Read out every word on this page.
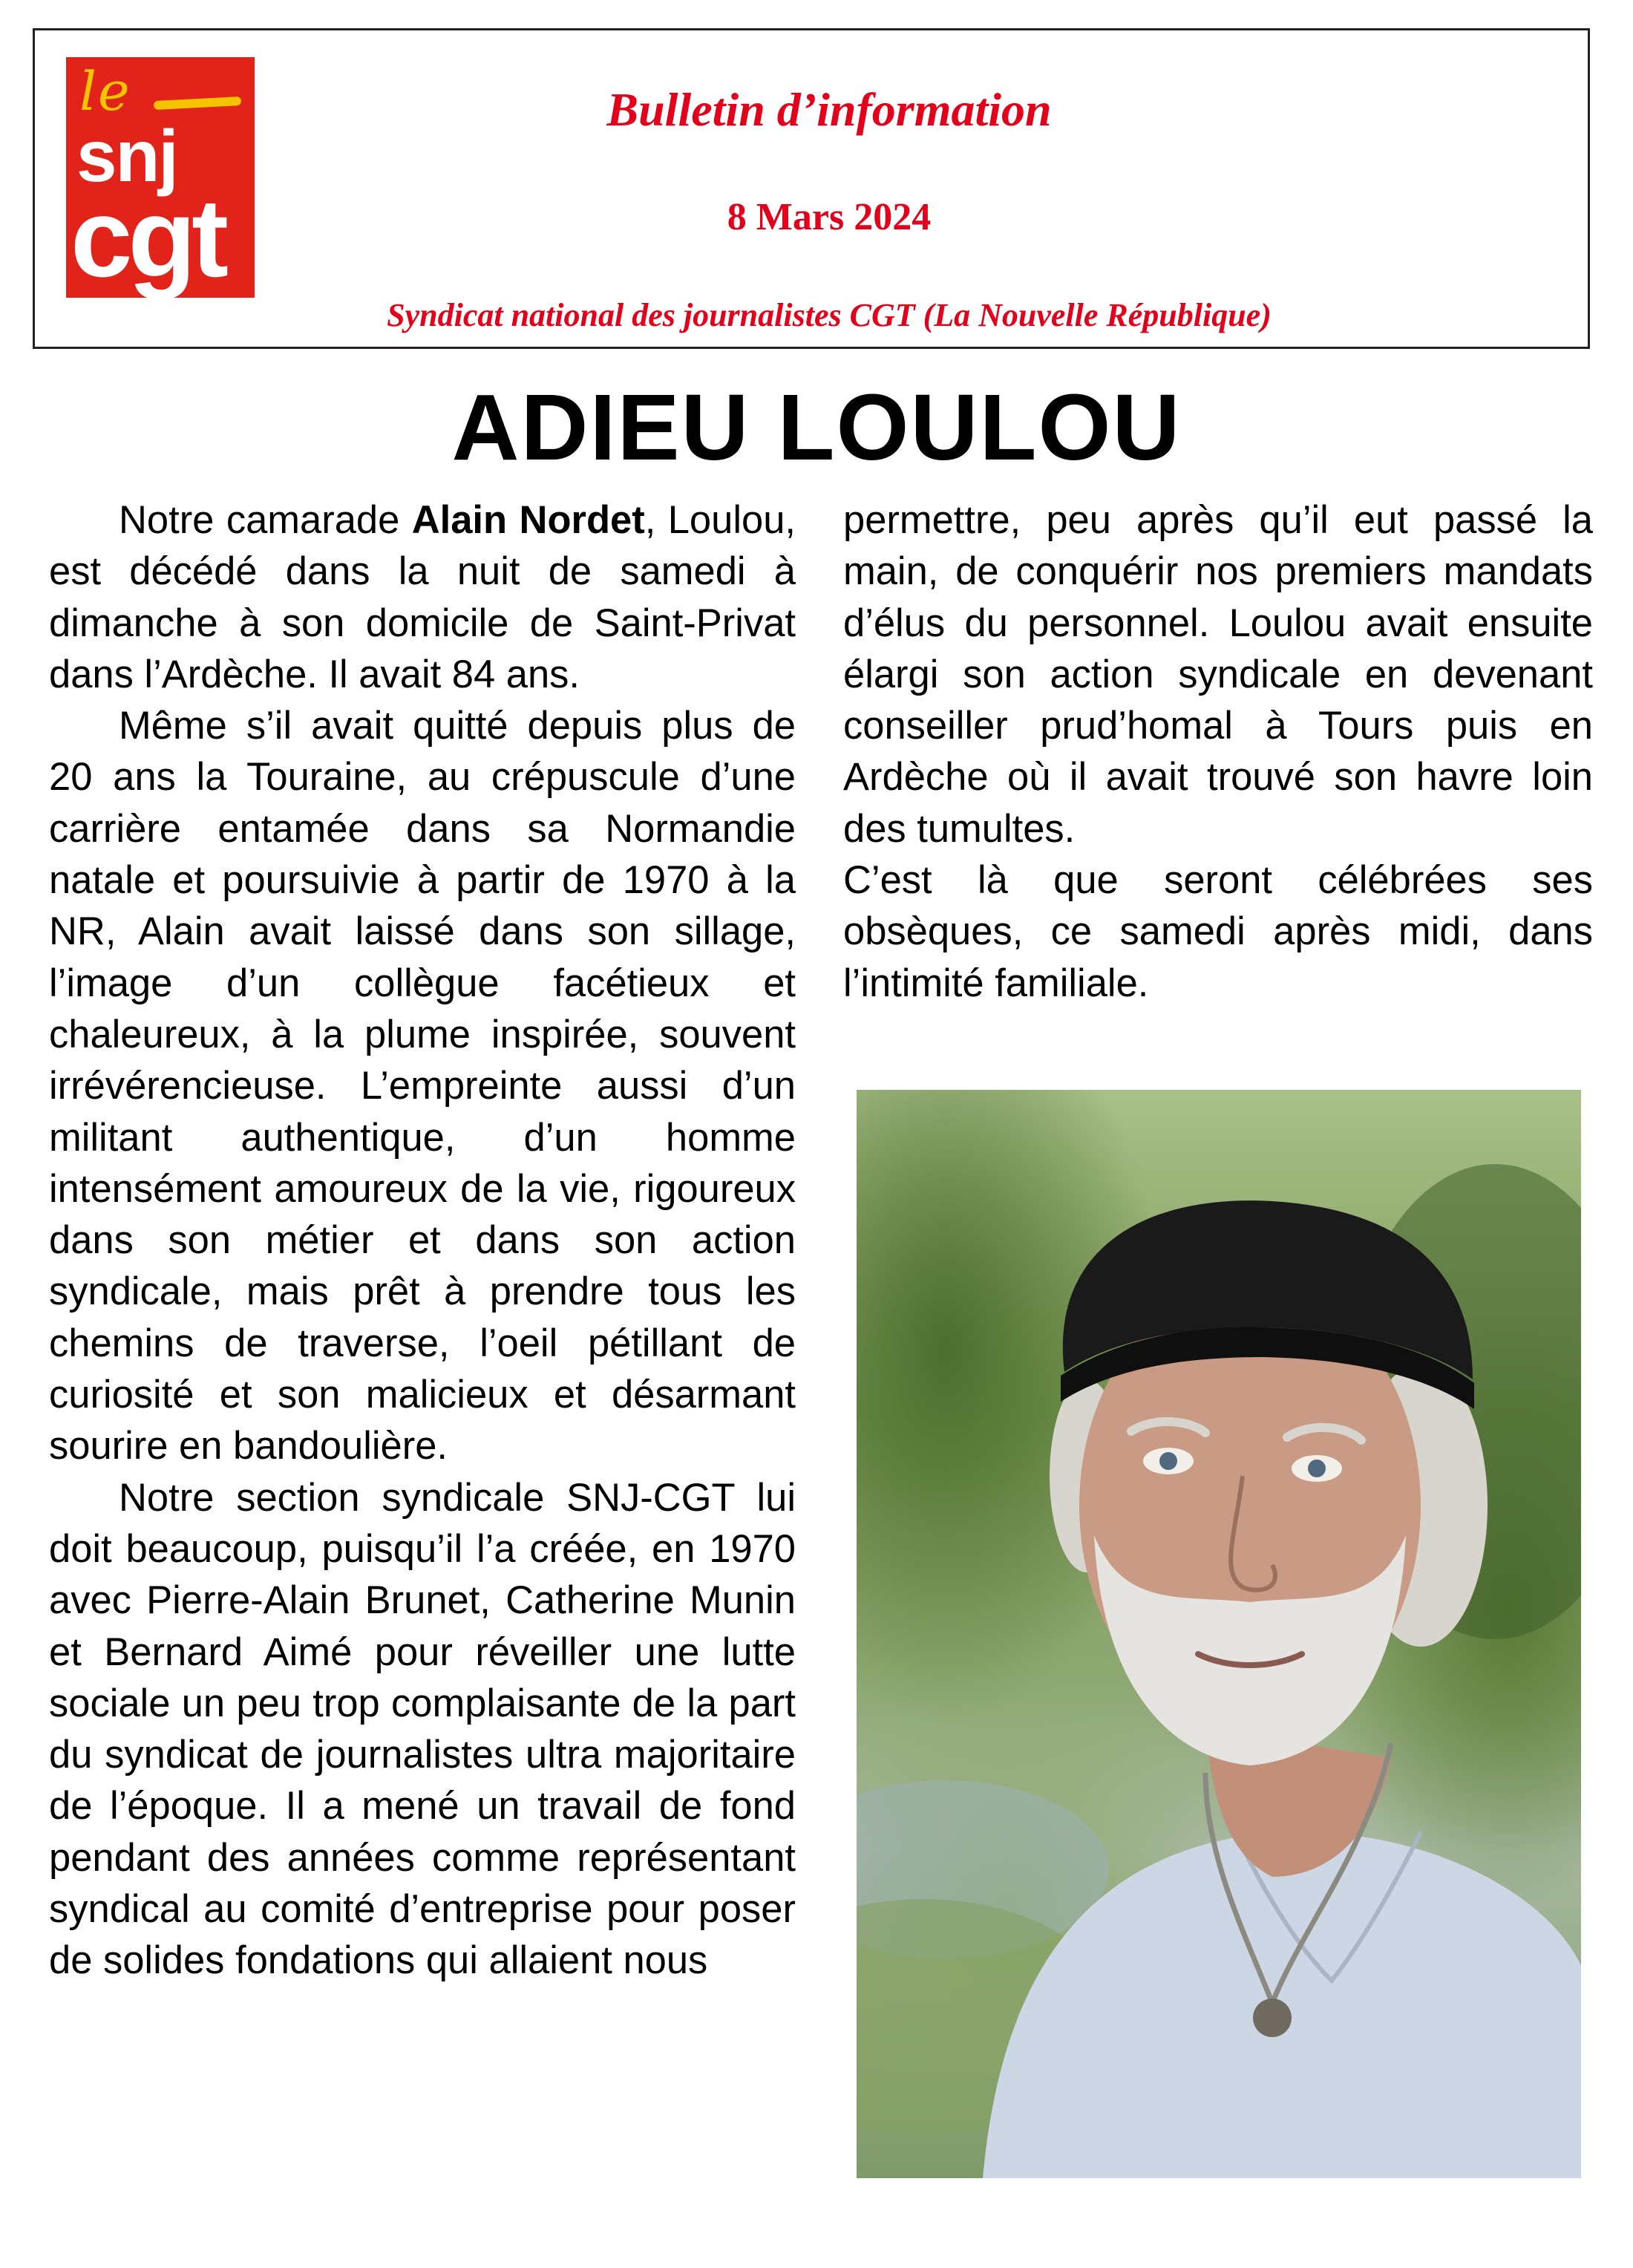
le
snj
cgt
Bulletin d’information
8 Mars 2024
Syndicat national des journalistes CGT (La Nouvelle République)
ADIEU LOULOU

Notre camarade Alain Nordet, Loulou, est décédé dans la nuit de samedi à dimanche à son domicile de Saint-Privat dans l’Ardèche. Il avait 84 ans.

Même s’il avait quitté depuis plus de 20 ans la Touraine, au crépuscule d’une carrière entamée dans sa Normandie natale et poursuivie à partir de 1970 à la NR, Alain avait laissé dans son sillage, l’image d’un collègue facétieux et chaleureux, à la plume inspirée, souvent irrévérencieuse. L’empreinte aussi d’un militant authentique, d’un homme intensément amoureux de la vie, rigoureux dans son métier et dans son action syndicale, mais prêt à prendre tous les chemins de traverse, l’oeil pétillant de curiosité et son malicieux et désarmant sourire en bandoulière.

Notre section syndicale SNJ-CGT lui doit beaucoup, puisqu’il l’a créée, en 1970 avec Pierre-Alain Brunet, Catherine Munin et Bernard Aimé pour réveiller une lutte sociale un peu trop complaisante de la part du syndicat de journalistes ultra majoritaire de l’époque. Il a mené un travail de fond pendant des années comme représentant syndical au comité d’entreprise pour poser de solides fondations qui allaient nous

permettre, peu après qu’il eut passé la main, de conquérir nos premiers mandats d’élus du personnel. Loulou avait ensuite élargi son action syndicale en devenant conseiller prud’homal à Tours puis en Ardèche où il avait trouvé son havre loin des tumultes.

C’est là que seront célébrées ses obsèques, ce samedi après midi, dans l’intimité familiale.
